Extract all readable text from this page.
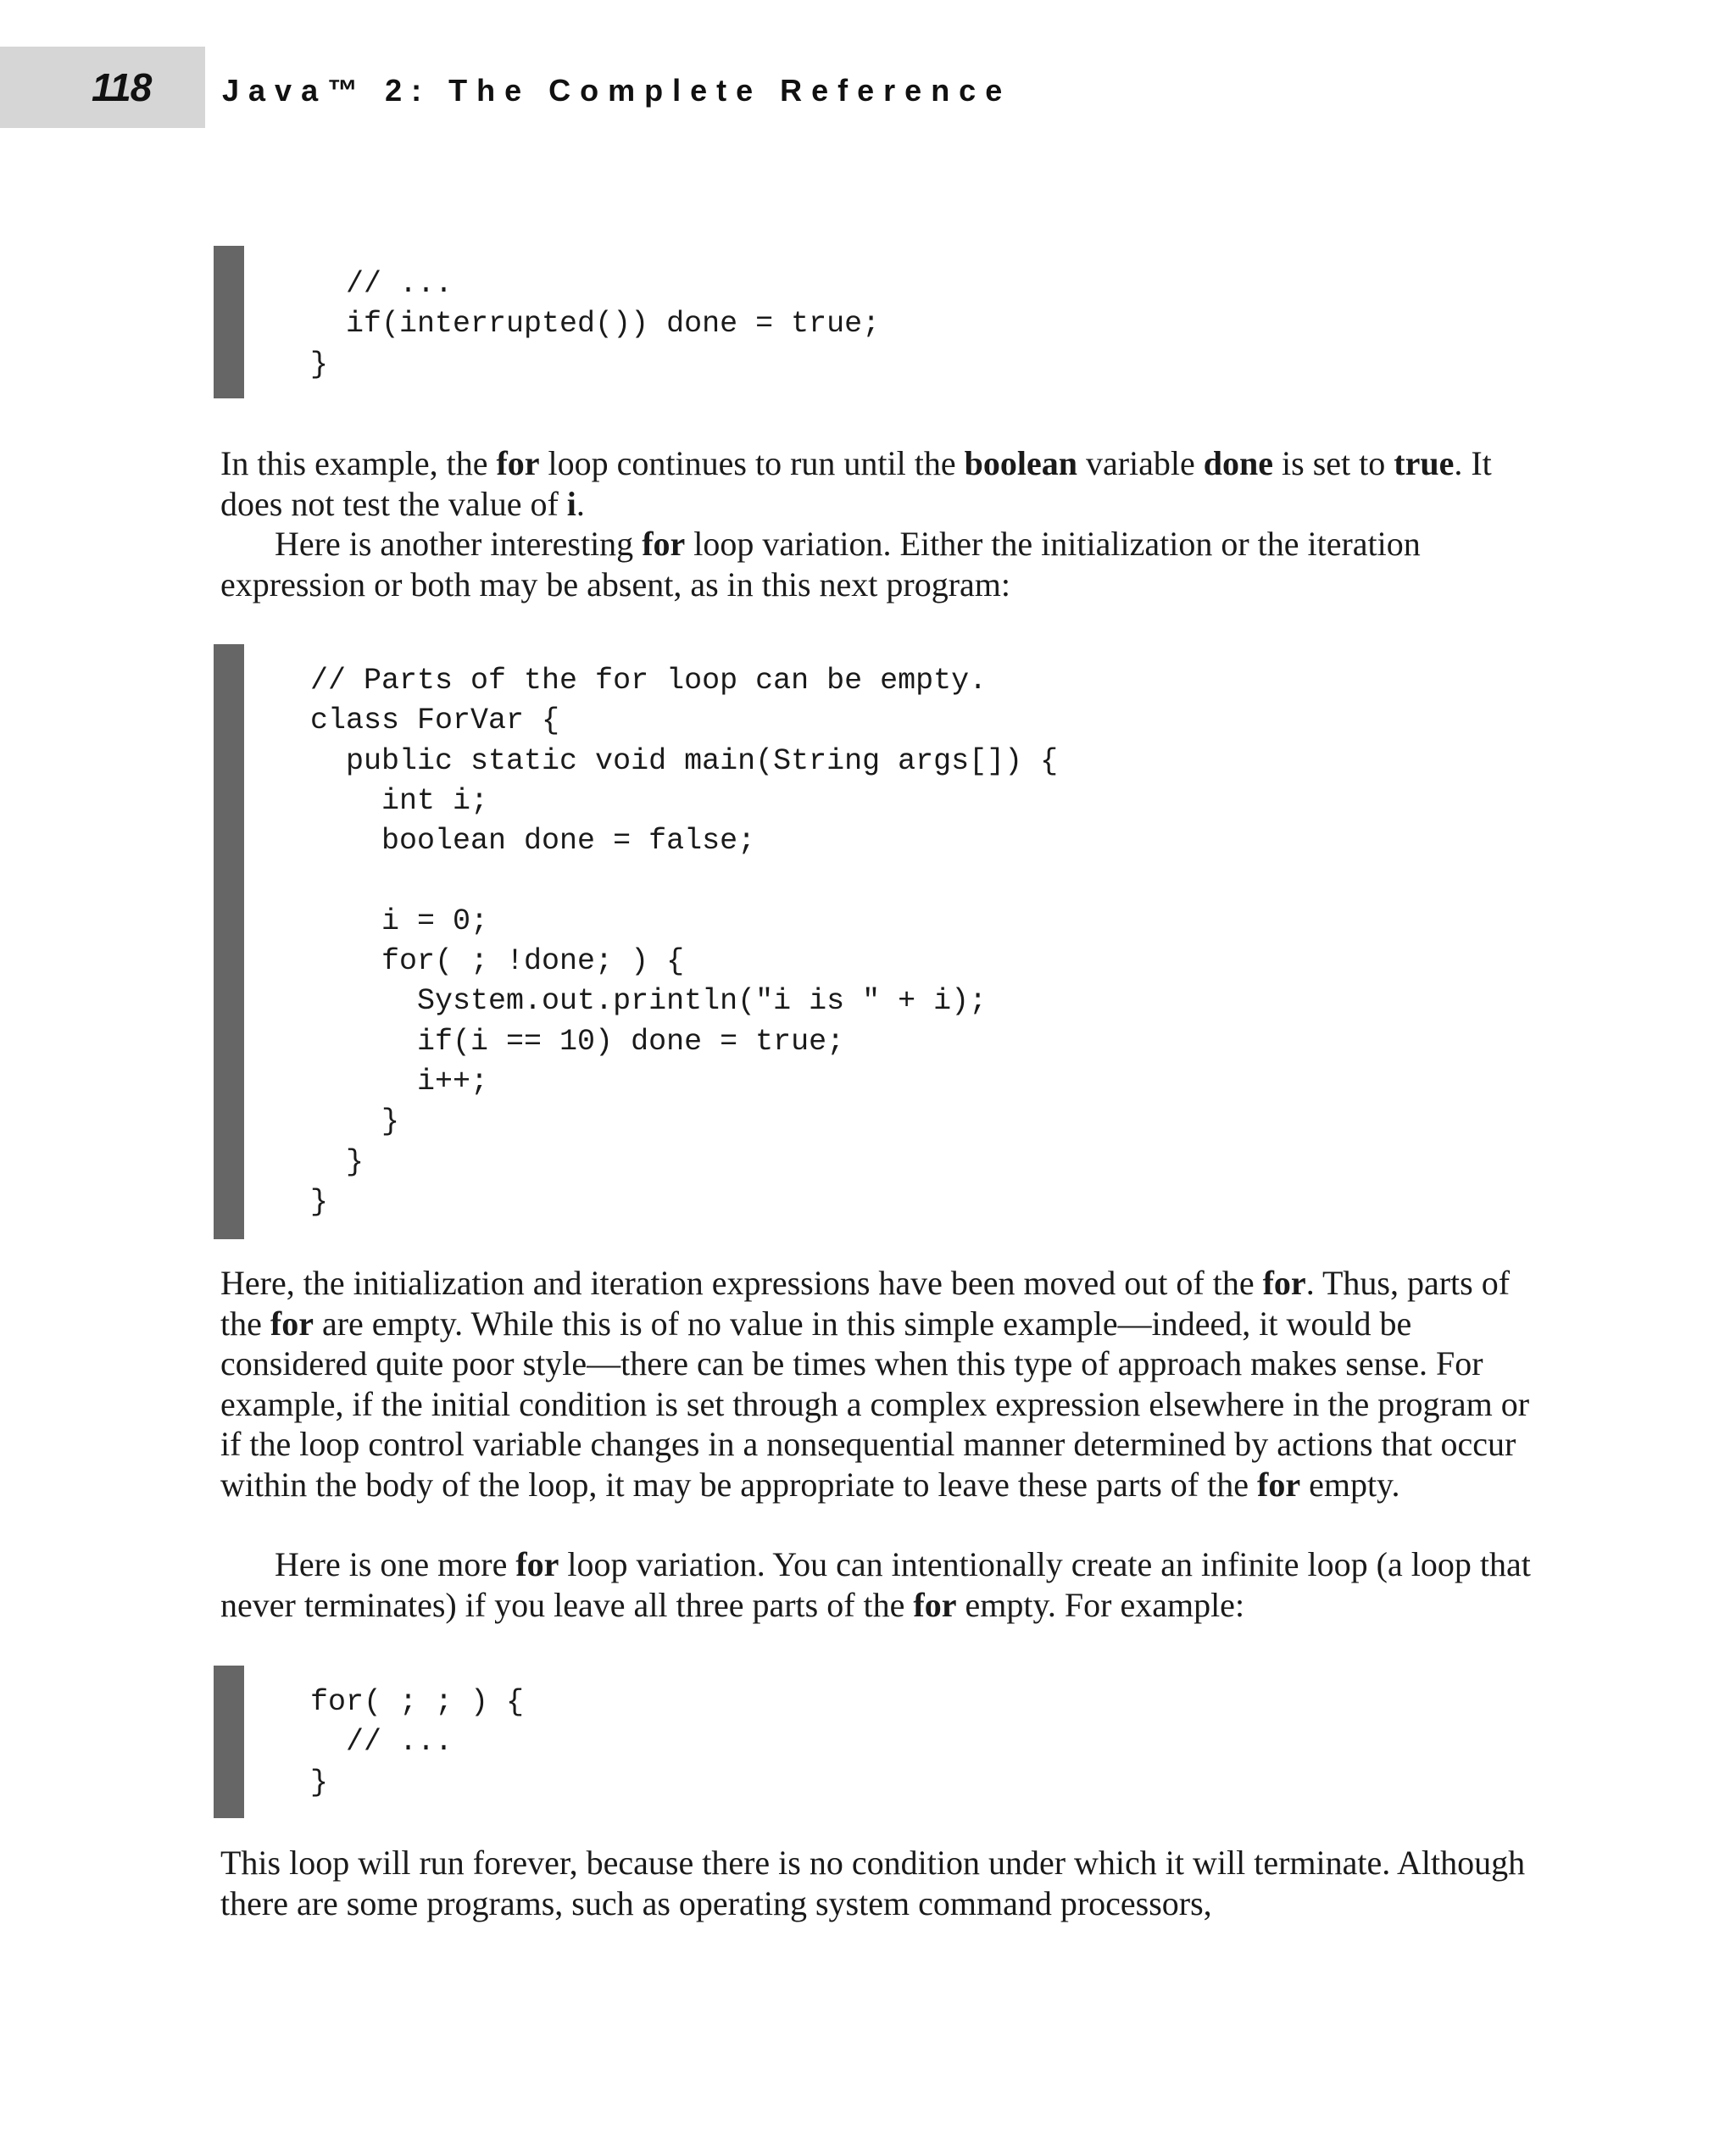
118 Java™ 2: The Complete Reference
// ...
if(interrupted()) done = true;
}

In this example, the for loop continues to run until the boolean variable done is set to true. It does not test the value of i.

Here is another interesting for loop variation. Either the initialization or the iteration expression or both may be absent, as in this next program:

// Parts of the for loop can be empty.
class ForVar {
public static void main(String args[]) {
int i;
boolean done = false;

i = 0;
for( ; !done; ) {
System.out.println("i is " + i);
if(i == 10) done = true;
i++;
}
}
}

Here, the initialization and iteration expressions have been moved out of the for. Thus, parts of the for are empty. While this is of no value in this simple example—indeed, it would be considered quite poor style—there can be times when this type of approach makes sense. For example, if the initial condition is set through a complex expression elsewhere in the program or if the loop control variable changes in a nonsequential manner determined by actions that occur within the body of the loop, it may be appropriate to leave these parts of the for empty.

Here is one more for loop variation. You can intentionally create an infinite loop (a loop that never terminates) if you leave all three parts of the for empty. For example:

for( ; ; ) {
// ...
}

This loop will run forever, because there is no condition under which it will terminate. Although there are some programs, such as operating system command processors,
